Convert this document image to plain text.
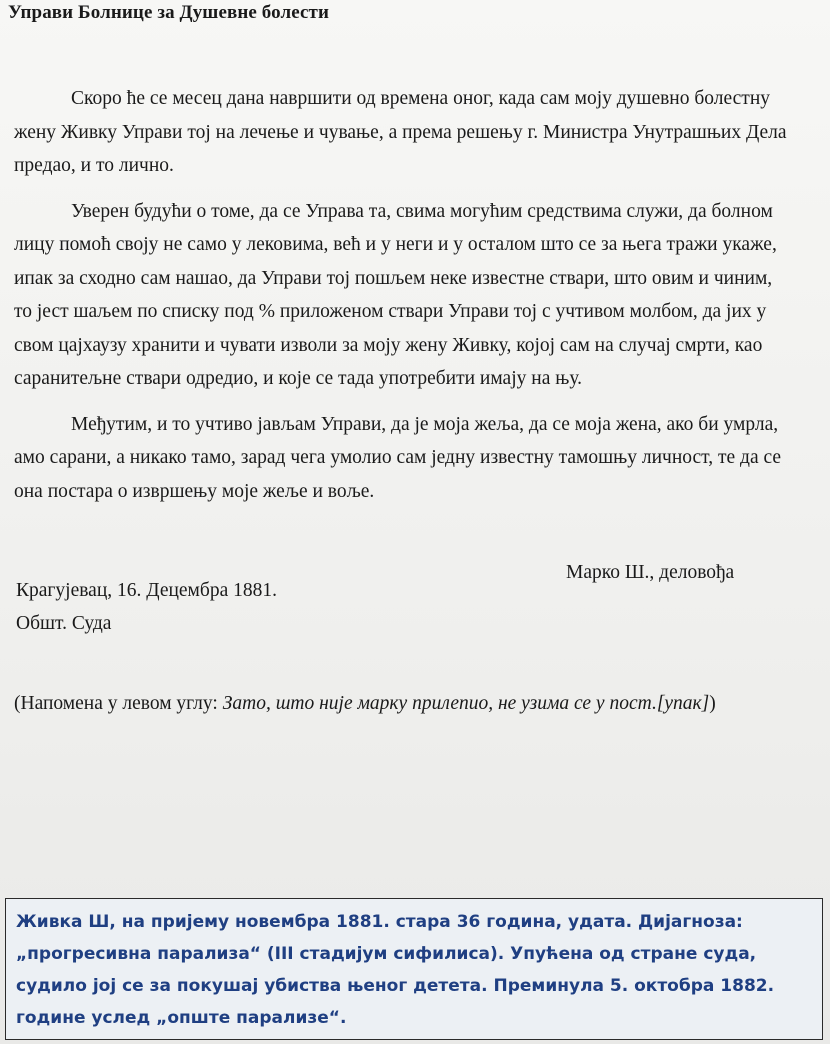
Управи Болнице за Душевне болести

Скоро ће се месец дана навршити од времена оног, када сам моју душевно болестну жену Живку Управи тој на лечење и чување, а према решењу г. Министра Унутрашњих Дела предао, и то лично.

Уверен будући о томе, да се Управа та, свима могућим средствима служи, да болном лицу помоћ своју не само у лековима, већ и у неги и у осталом што се за њега тражи укаже, ипак за сходно сам нашао, да Управи тој пошљем неке известне ствари, што овим и чиним, то јест шаљем по списку под % приложеном ствари Управи тој с учтивом молбом, да јих у свом цајхаузу хранити и чувати изволи за моју жену Живку, којој сам на случај смрти, као саранитељне ствари одредио, и које се тада употребити имају на њу.

Међутим, и то учтиво јављам Управи, да је моја жеља, да се моја жена, ако би умрла, амо сарани, а никако тамо, зарад чега умолио сам једну известну тамошњу личност, те да се она постара о извршењу моје жеље и воље.

Марко Ш., деловођа
Крагујевац, 16. Децембра 1881.
Обшт. Суда
(Напомена у левом углу: Зато, што није марку прилепио, не узима се у пост.[упак])
Живка Ш, на пријему новембра 1881. стара 36 година, удата. Дијагноза:
„прогресивна парализа“ (III стадијум сифилиса). Упућена од стране суда,
судило јој се за покушај убиства њеног детета. Преминула 5. октобра 1882.
године услед „опште парализе“.
